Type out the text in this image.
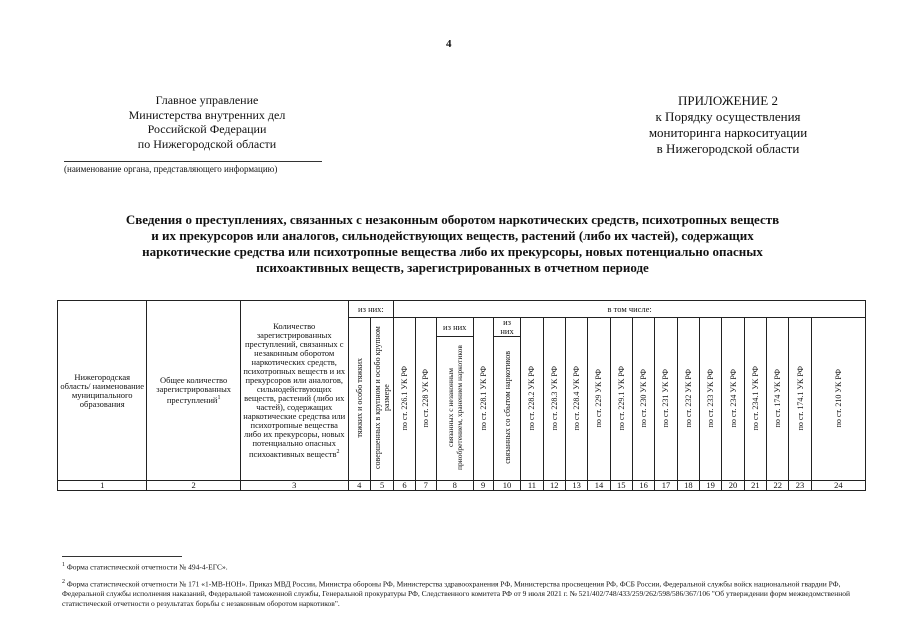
4
Главное управление
Министерства внутренних дел
Российской Федерации
по Нижегородской области
(наименование органа, представляющего информацию)
ПРИЛОЖЕНИЕ 2
к Порядку осуществления
мониторинга наркоситуации
в Нижегородской области
Сведения о преступлениях, связанных с незаконным оборотом наркотических средств, психотропных веществ
и их прекурсоров или аналогов, сильнодействующих веществ, растений (либо их частей), содержащих
наркотические средства или психотропные вещества либо их прекурсоры, новых потенциально опасных
психоактивных веществ, зарегистрированных в отчетном периоде
Нижегородская область/ наименование муниципального образования	Общее количество зарегистрированных преступлений$^1$	Количество зарегистрированных преступлений, связанных с незаконным оборотом наркотических средств, психотропных веществ и их прекурсоров или аналогов, сильнодействующих веществ, растений (либо их частей), содержащих наркотические средства или психотропные вещества либо их прекурсоры, новых потенциально опасных психоактивных веществ$^2$	из них:		в том числе:																		
			тяжких и особо тяжких	совершенных в крупном и особо крупном размере	по ст. 226.1 УК РФ	по ст. 228 УК РФ	из них	по ст. 228.1 УК РФ	из них	по ст. 228.2 УК РФ	по ст. 228.3 УК РФ	по ст. 228.4 УК РФ	по ст. 229 УК РФ	по ст. 229.1 УК РФ	по ст. 230 УК РФ	по ст. 231 УК РФ	по ст. 232 УК РФ	по ст. 233 УК РФ	по ст. 234 УК РФ	по ст. 234.1 УК РФ	по ст. 174 УК РФ	по ст. 174.1 УК РФ	по ст. 210 УК РФ
							связанных с незаконным приобретением, хранением наркотиков		связанных со сбытом наркотиков														
1	2	3	4	5	6	7	8	9	10	11	12	13	14	15	16	17	18	19	20	21	22	23	24
$^1$ Форма статистической отчетности № 494-4-ЕГС».
$^2$ Форма статистической отчетности № 171 «1-МВ-НОН». Приказ МВД России, Министра обороны РФ, Министерства здравоохранения РФ, Министерства просвещения РФ, ФСБ России, Федеральной службы войск национальной гвардии РФ, Федеральной службы исполнения наказаний, Федеральной таможенной службы, Генеральной прокуратуры РФ, Следственного комитета РФ от 9 июля 2021 г. № 521/402/748/433/259/262/598/586/367/106 "Об утверждении форм межведомственной статистической отчетности о результатах борьбы с незаконным оборотом наркотиков".
